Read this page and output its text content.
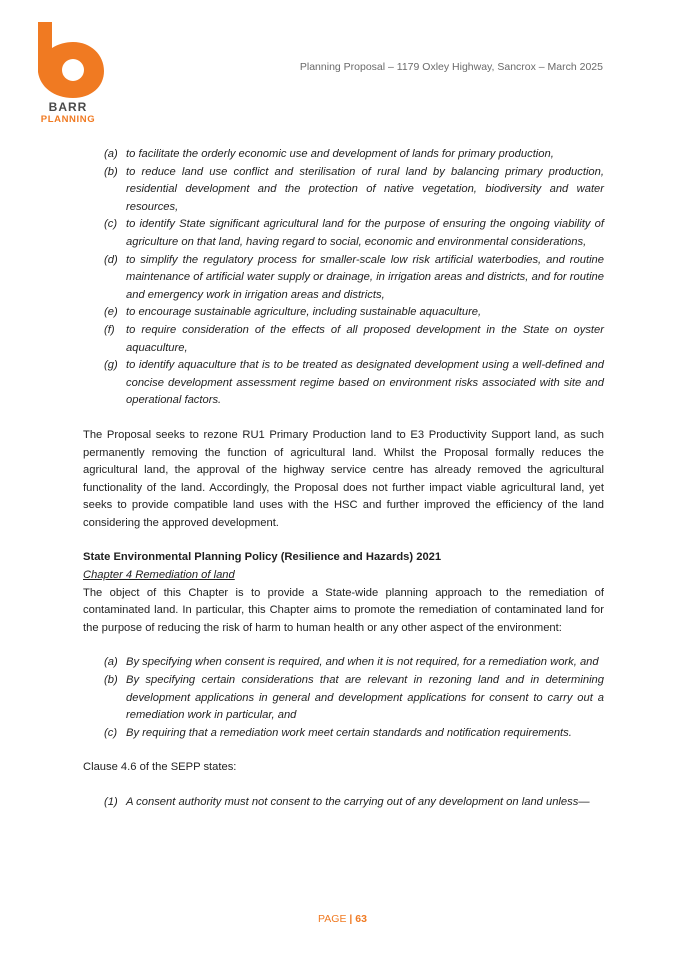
BARR
PLANNING
Planning Proposal – 1179 Oxley Highway, Sancrox – March 2025
(a) to facilitate the orderly economic use and development of lands for primary production,
(b) to reduce land use conflict and sterilisation of rural land by balancing primary production, residential development and the protection of native vegetation, biodiversity and water resources,
(c) to identify State significant agricultural land for the purpose of ensuring the ongoing viability of agriculture on that land, having regard to social, economic and environmental considerations,
(d) to simplify the regulatory process for smaller-scale low risk artificial waterbodies, and routine maintenance of artificial water supply or drainage, in irrigation areas and districts, and for routine and emergency work in irrigation areas and districts,
(e) to encourage sustainable agriculture, including sustainable aquaculture,
(f)	to require consideration of the effects of all proposed development in the State on oyster aquaculture,
(g) to identify aquaculture that is to be treated as designated development using a well-defined and concise development assessment regime based on environment risks associated with site and operational factors.

The Proposal seeks to rezone RU1 Primary Production land to E3 Productivity Support land, as such permanently removing the function of agricultural land. Whilst the Proposal formally reduces the agricultural land, the approval of the highway service centre has already removed the agricultural functionality of the land. Accordingly, the Proposal does not further impact viable agricultural land, yet seeks to provide compatible land uses with the HSC and further improved the efficiency of the land considering the approved development.

State Environmental Planning Policy (Resilience and Hazards) 2021

Chapter 4 Remediation of land

The object of this Chapter is to provide a State-wide planning approach to the remediation of contaminated land. In particular, this Chapter aims to promote the remediation of contaminated land for the purpose of reducing the risk of harm to human health or any other aspect of the environment:

(a) By specifying when consent is required, and when it is not required, for a remediation work, and
(b) By specifying certain considerations that are relevant in rezoning land and in determining development applications in general and development applications for consent to carry out a remediation work in particular, and
(c) By requiring that a remediation work meet certain standards and notification requirements.

Clause 4.6 of the SEPP states:

(1) A consent authority must not consent to the carrying out of any development on land unless—
PAGE | 63
